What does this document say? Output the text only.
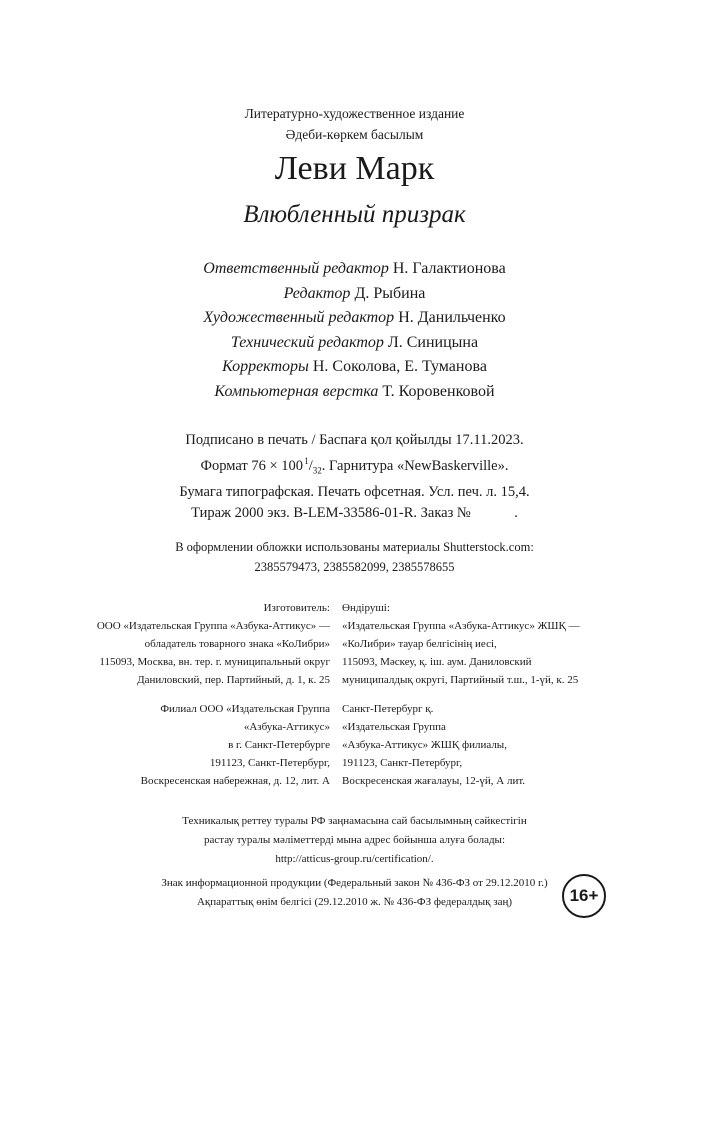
Литературно-художественное издание
Әдеби-көркем басылым
Леви Марк
Влюбленный призрак
Ответственный редактор Н. Галактионова
Редактор Д. Рыбина
Художественный редактор Н. Данильченко
Технический редактор Л. Синицына
Корректоры Н. Соколова, Е. Туманова
Компьютерная верстка Т. Коровенковой
Подписано в печать / Баспаға қол қойылды 17.11.2023.
Формат 76 × 100 $^1/_{32}$. Гарнитура «NewBaskerville».
Бумага типографская. Печать офсетная. Усл. печ. л. 15,4.
Тираж 2000 экз. B-LEM-33586-01-R. Заказ №            .
В оформлении обложки использованы материалы Shutterstock.com:
2385579473, 2385582099, 2385578655
Изготовитель:
ООО «Издательская Группа «Азбука-Аттикус» —
обладатель товарного знака «КоЛибри»
115093, Москва, вн. тер. г. муниципальный округ
Даниловский, пер. Партийный, д. 1, к. 25
Өндіруші:
«Издательская Группа «Азбука-Аттикус» ЖШҚ —
«КоЛибри» тауар белгісінің иесі,
115093, Мәскеу, қ. іш. аум. Даниловский
муниципалдық округі, Партийный т.ш., 1-үй, к. 25
Филиал ООО «Издательская Группа
«Азбука-Аттикус»
в г. Санкт-Петербурге
191123, Санкт-Петербург,
Воскресенская набережная, д. 12, лит. А
Санкт-Петербург қ.
«Издательская Группа
«Азбука-Аттикус» ЖШҚ филиалы,
191123, Санкт-Петербург,
Воскресенская жағалауы, 12-үй, А лит.
Техникалық реттеу туралы РФ заңнамасына сай басылымның сәйкестігін
растау туралы мәліметтерді мына адрес бойынша алуға болады:
http://atticus-group.ru/certification/.
Знак информационной продукции (Федеральный закон № 436-ФЗ от 29.12.2010 г.)
Ақпараттық өнім белгісі (29.12.2010 ж. № 436-ФЗ федералдық заң)	16+
